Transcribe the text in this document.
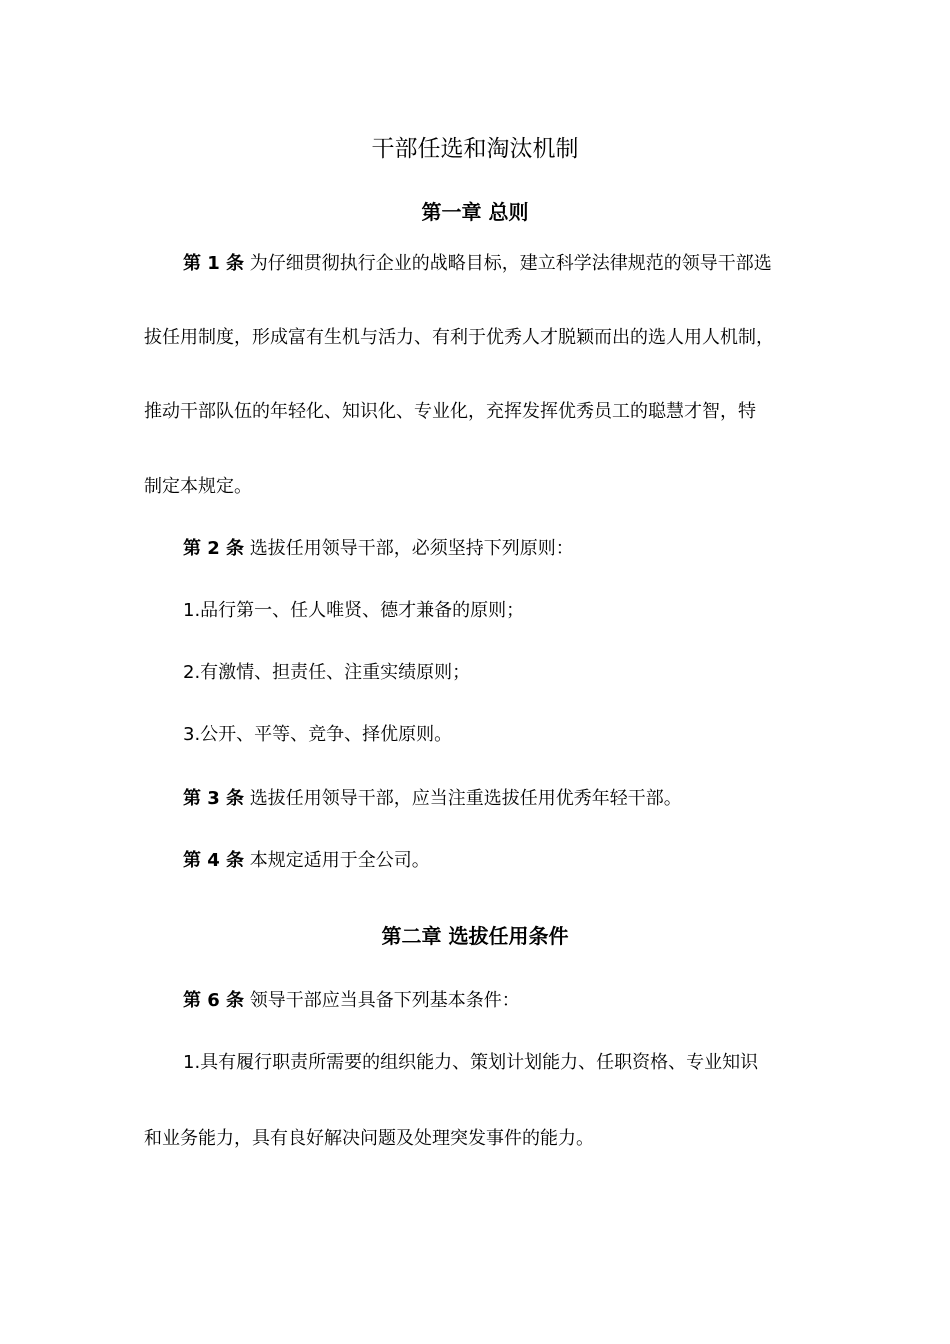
干部任选和淘汰机制
第一章 总则
第 1 条 为仔细贯彻执行企业的战略目标，建立科学法律规范的领导干部选
拔任用制度，形成富有生机与活力、有利于优秀人才脱颖而出的选人用人机制，
推动干部队伍的年轻化、知识化、专业化，充挥发挥优秀员工的聪慧才智，特
制定本规定。
第 2 条 选拔任用领导干部，必须坚持下列原则：
1.品行第一、任人唯贤、德才兼备的原则；
2.有激情、担责任、注重实绩原则；
3.公开、平等、竞争、择优原则。
第 3 条 选拔任用领导干部，应当注重选拔任用优秀年轻干部。
第 4 条 本规定适用于全公司。
第二章 选拔任用条件
第 6 条 领导干部应当具备下列基本条件：
1.具有履行职责所需要的组织能力、策划计划能力、任职资格、专业知识
和业务能力，具有良好解决问题及处理突发事件的能力。
